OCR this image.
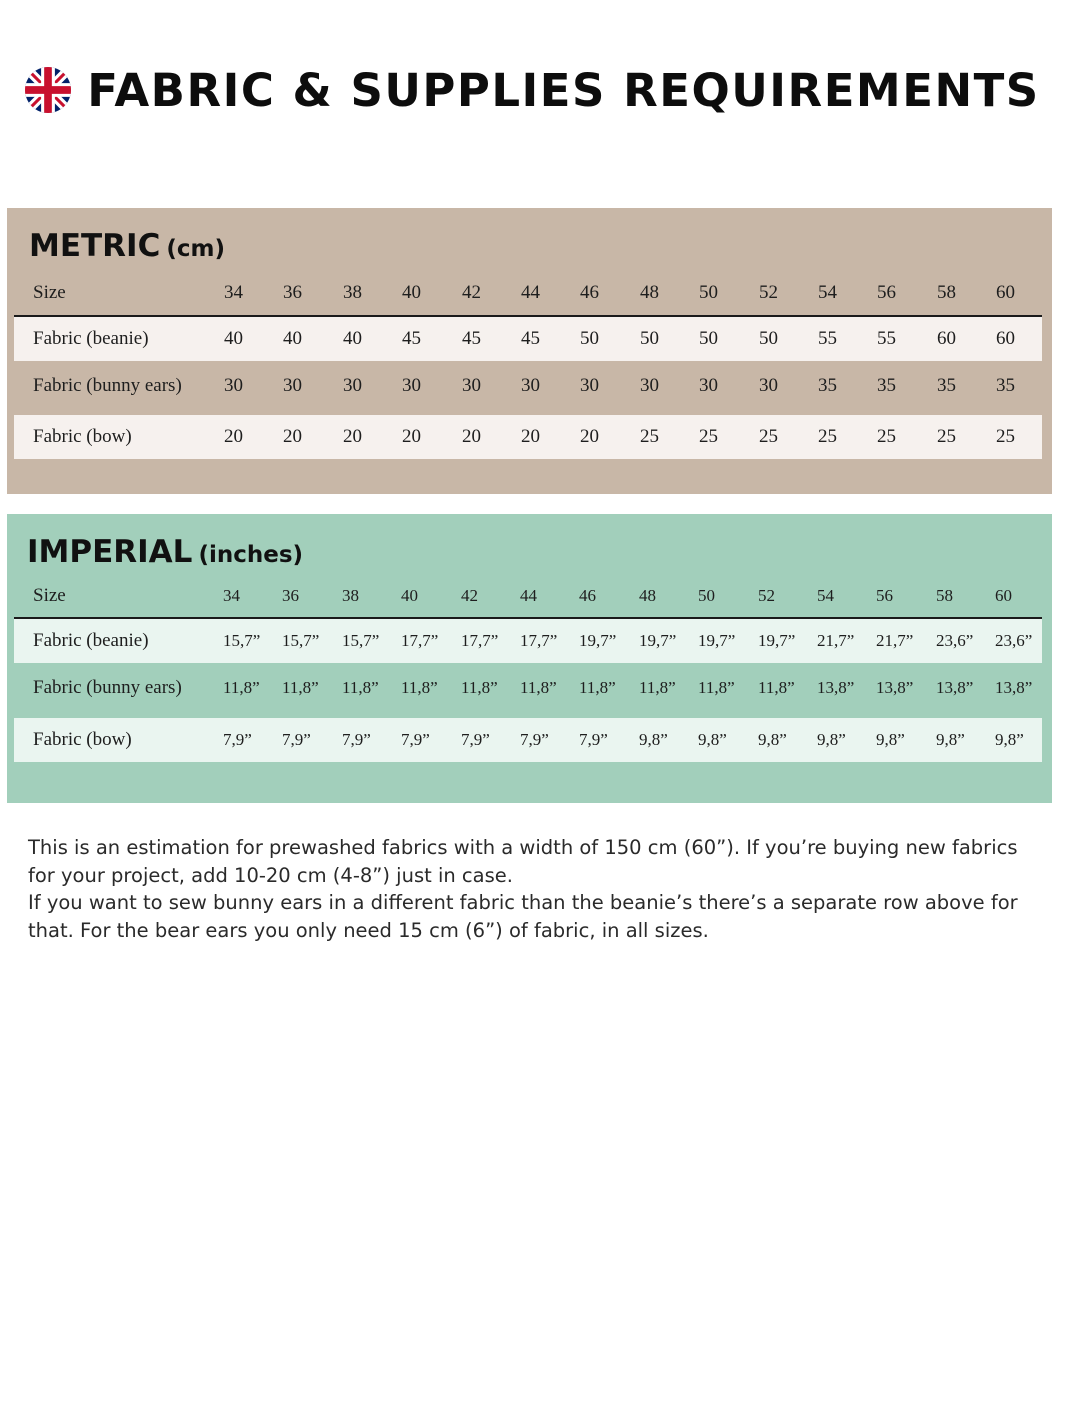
FABRIC & SUPPLIES REQUIREMENTS
METRIC (cm)
Size	34 36 38 40 42 44 46 48 50 52 54 56 58 60
Fabric (beanie)	40 40 40 45 45 45 50 50 50 50 55 55 60 60
Fabric (bunny ears) 30 30 30 30 30 30 30 30 30 30 35 35 35 35
Fabric (bow)	20 20 20 20 20 20 20 25 25 25 25 25 25 25
IMPERIAL (inches)
Size	34 36	38 40	42 44 46	48 50	52 54 56	58 60
Fabric (beanie)	15,7” 15,7” 15,7” 17,7” 17,7” 17,7” 19,7” 19,7” 19,7” 19,7” 21,7” 21,7” 23,6” 23,6”
Fabric (bunny ears) 11,8” 11,8” 11,8” 11,8” 11,8” 11,8” 11,8” 11,8” 11,8” 11,8” 13,8” 13,8” 13,8” 13,8”
Fabric (bow)	7,9” 7,9” 7,9” 7,9” 7,9” 7,9” 7,9” 9,8” 9,8” 9,8” 9,8” 9,8” 9,8” 9,8”

This is an estimation for prewashed fabrics with a width of 150 cm (60”). If you’re buying new fabrics for your project, add 10-20 cm (4-8”) just in case.

If you want to sew bunny ears in a different fabric than the beanie’s there’s a separate row above for that. For the bear ears you only need 15 cm (6”) of fabric, in all sizes.
